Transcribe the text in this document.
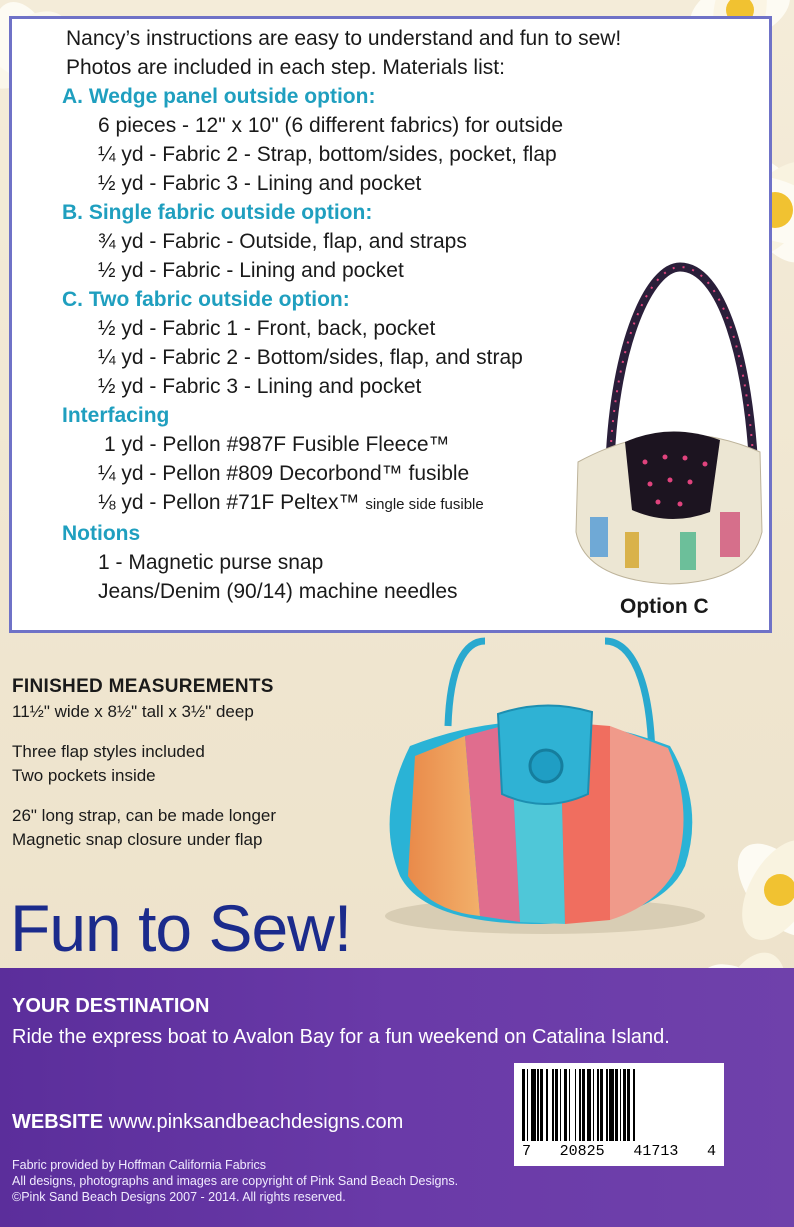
Nancy’s instructions are easy to understand and fun to sew!

Photos are included in each step. Materials list:

A. Wedge panel outside option:

6 pieces - 12" x 10" (6 different fabrics) for outside

¼ yd - Fabric 2 - Strap, bottom/sides, pocket, flap

½ yd - Fabric 3 - Lining and pocket

B. Single fabric outside option:

¾ yd - Fabric - Outside, flap, and straps

½ yd - Fabric - Lining and pocket

C. Two fabric outside option:

½ yd - Fabric 1 - Front, back, pocket

¼ yd - Fabric 2 - Bottom/sides, flap, and strap

½ yd - Fabric 3 - Lining and pocket

Interfacing

1 yd - Pellon #987F Fusible Fleece™

¼ yd - Pellon #809 Decorbond™ fusible

⅛ yd - Pellon #71F Peltex™ single side fusible

Notions

1 - Magnetic purse snap

Jeans/Denim (90/14) machine needles

Option C
FINISHED MEASUREMENTS

11½" wide x 8½" tall x 3½" deep

Three flap styles included

Two pockets inside

26" long strap, can be made longer

Magnetic snap closure under flap

Fun to Sew!
YOUR DESTINATION
Ride the express boat to Avalon Bay for a fun weekend on Catalina Island.
WEBSITE www.pinksandbeachdesigns.com
Fabric provided by Hoffman California Fabrics
All designs, photographs and images are copyright of Pink Sand Beach Designs.
©Pink Sand Beach Designs 2007 - 2014. All rights reserved.
7 20825 41713 4
